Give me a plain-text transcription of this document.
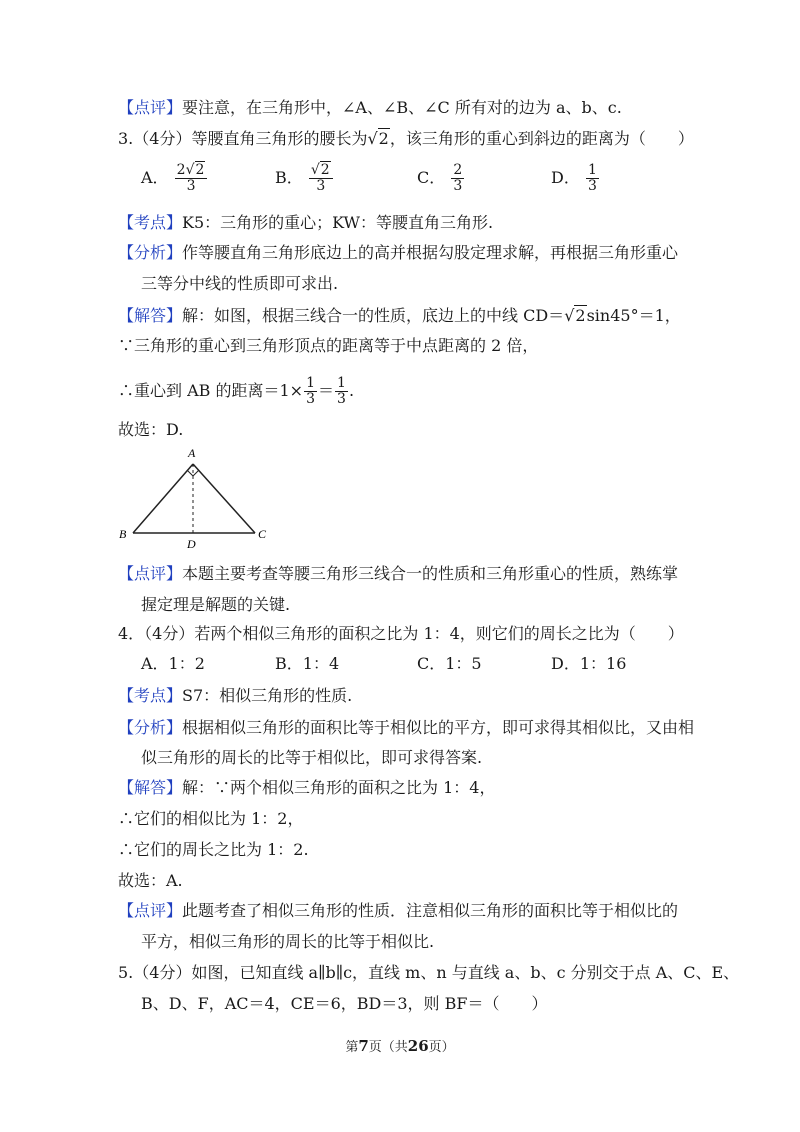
【点评】要注意，在三角形中，∠A、∠B、∠C 所有对的边为 a、b、c.
3.（4分）等腰直角三角形的腰长为√2，该三角形的重心到斜边的距离为（　　）
A． $\frac{2√2}{3}$	B． $\frac{√2}{3}$	C． $\frac{2}{3}$	D． $\frac{1}{3}$
【考点】K5：三角形的重心；KW：等腰直角三角形.
【分析】作等腰直角三角形底边上的高并根据勾股定理求解，再根据三角形重心
三等分中线的性质即可求出.
【解答】解：如图，根据三线合一的性质，底边上的中线 CD＝√2sin45°＝1，
∵三角形的重心到三角形顶点的距离等于中点距离的 2 倍，
∴重心到 AB 的距离$=1\times \frac{1}{3} = \frac{1}{3}$ .
故选：D.
A
B	C
D
【点评】本题主要考查等腰三角形三线合一的性质和三角形重心的性质，熟练掌
握定理是解题的关键.
4．（4分）若两个相似三角形的面积之比为 1：4，则它们的周长之比为（　　）
A．1：2	B．1：4	C．1：5	D．1：16
【考点】S7：相似三角形的性质.
【分析】根据相似三角形的面积比等于相似比的平方，即可求得其相似比，又由相
似三角形的周长的比等于相似比，即可求得答案.
【解答】解：∵两个相似三角形的面积之比为 1：4，
∴它们的相似比为 1：2，
∴它们的周长之比为 1：2.
故选：A.
【点评】此题考查了相似三角形的性质．注意相似三角形的面积比等于相似比的
平方，相似三角形的周长的比等于相似比.
5.（4分）如图，已知直线 a∥b∥c，直线 m、n 与直线 a、b、c 分别交于点 A、C、E、
B、D、F，AC＝4，CE＝6，BD＝3，则 BF＝（　　）
第7页（共26页）
